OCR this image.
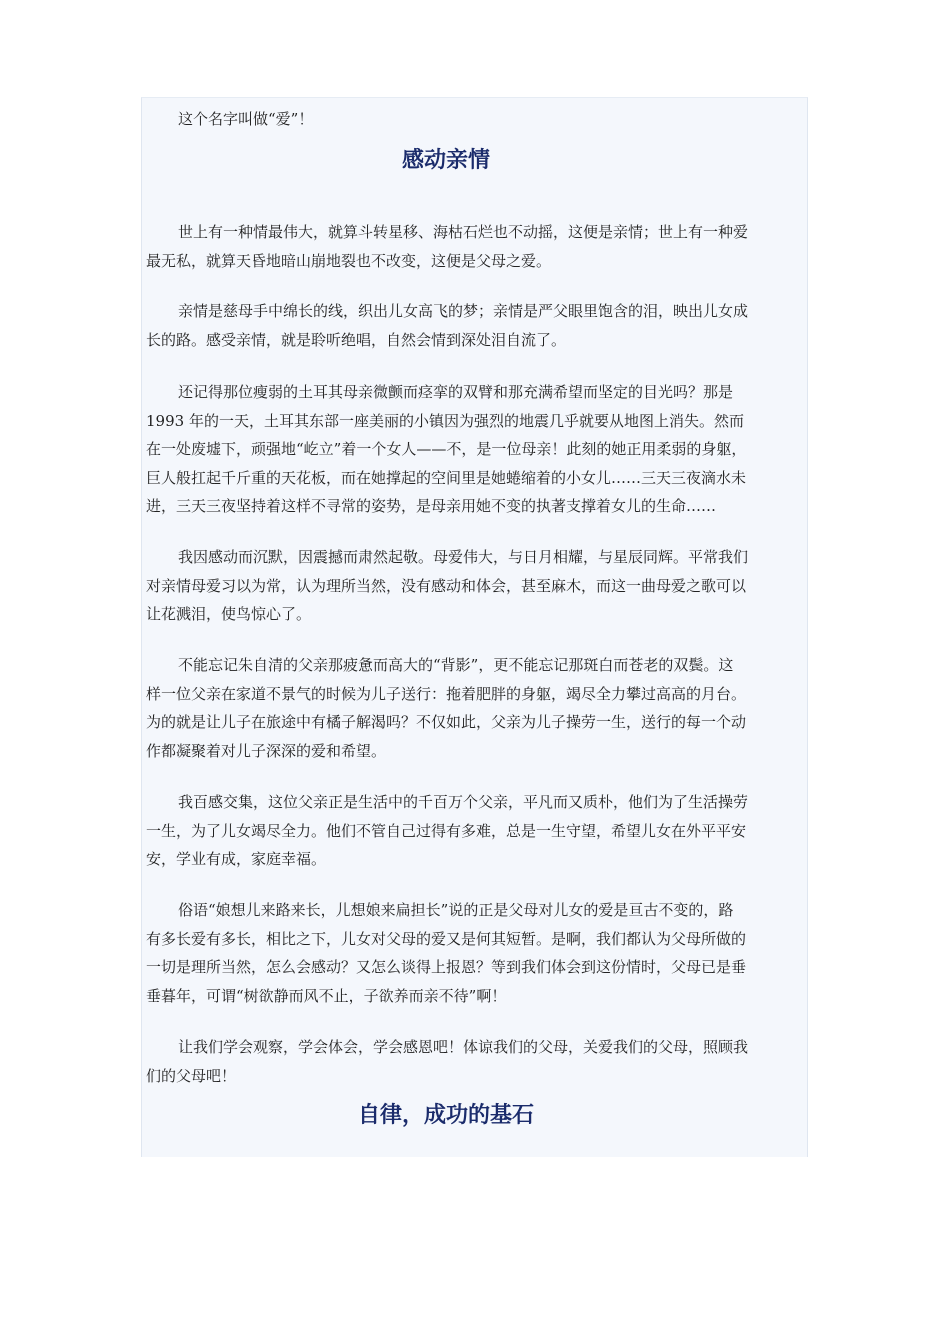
这个名字叫做“爱”！

感动亲情

世上有一种情最伟大，就算斗转星移、海枯石烂也不动摇，这便是亲情；世上有一种爱

最无私，就算天昏地暗山崩地裂也不改变，这便是父母之爱。

亲情是慈母手中绵长的线，织出儿女高飞的梦；亲情是严父眼里饱含的泪，映出儿女成

长的路。感受亲情，就是聆听绝唱，自然会情到深处泪自流了。

还记得那位瘦弱的土耳其母亲微颤而痉挛的双臂和那充满希望而坚定的目光吗？那是

1993 年的一天，土耳其东部一座美丽的小镇因为强烈的地震几乎就要从地图上消失。然而

在一处废墟下，顽强地“屹立”着一个女人——不，是一位母亲！此刻的她正用柔弱的身躯，

巨人般扛起千斤重的天花板，而在她撑起的空间里是她蜷缩着的小女儿……三天三夜滴水未

进，三天三夜坚持着这样不寻常的姿势，是母亲用她不变的执著支撑着女儿的生命……

我因感动而沉默，因震撼而肃然起敬。母爱伟大，与日月相耀，与星辰同辉。平常我们

对亲情母爱习以为常，认为理所当然，没有感动和体会，甚至麻木，而这一曲母爱之歌可以

让花溅泪，使鸟惊心了。

不能忘记朱自清的父亲那疲惫而高大的“背影”，更不能忘记那斑白而苍老的双鬓。这

样一位父亲在家道不景气的时候为儿子送行：拖着肥胖的身躯，竭尽全力攀过高高的月台。

为的就是让儿子在旅途中有橘子解渴吗？不仅如此，父亲为儿子操劳一生，送行的每一个动

作都凝聚着对儿子深深的爱和希望。

我百感交集，这位父亲正是生活中的千百万个父亲，平凡而又质朴，他们为了生活操劳

一生，为了儿女竭尽全力。他们不管自己过得有多难，总是一生守望，希望儿女在外平平安

安，学业有成，家庭幸福。

俗语“娘想儿来路来长，儿想娘来扁担长”说的正是父母对儿女的爱是亘古不变的，路

有多长爱有多长，相比之下，儿女对父母的爱又是何其短暂。是啊，我们都认为父母所做的

一切是理所当然，怎么会感动？又怎么谈得上报恩？等到我们体会到这份情时，父母已是垂

垂暮年，可谓“树欲静而风不止，子欲养而亲不待”啊！

让我们学会观察，学会体会，学会感恩吧！体谅我们的父母，关爱我们的父母，照顾我

们的父母吧！

自律，成功的基石
